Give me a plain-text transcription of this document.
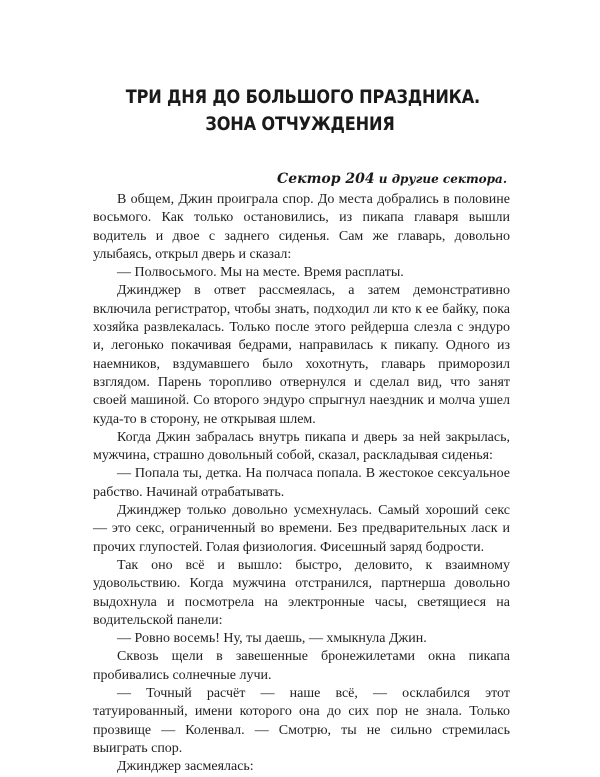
ТРИ ДНЯ ДО БОЛЬШОГО ПРАЗДНИКА.
ЗОНА ОТЧУЖДЕНИЯ
Сектор 204 и другие сектора.

В общем, Джин проиграла спор. До места добрались в половине восьмого. Как только остановились, из пикапа главаря вышли водитель и двое с заднего сиденья. Сам же главарь, довольно улыбаясь, открыл дверь и сказал:

— Полвосьмого. Мы на месте. Время расплаты.

Джинджер в ответ рассмеялась, а затем демонстративно включила регистратор, чтобы знать, подходил ли кто к ее байку, пока хозяйка развлекалась. Только после этого рейдерша слезла с эндуро и, легонько покачивая бедрами, направилась к пикапу. Одного из наемников, вздумавшего было хохотнуть, главарь приморозил взглядом. Парень торопливо отвернулся и сделал вид, что занят своей машиной. Со второго эндуро спрыгнул наездник и молча ушел куда-то в сторону, не открывая шлем.

Когда Джин забралась внутрь пикапа и дверь за ней закрылась, мужчина, страшно довольный собой, сказал, раскладывая сиденья:

— Попала ты, детка. На полчаса попала. В жестокое сексуальное рабство. Начинай отрабатывать.

Джинджер только довольно усмехнулась. Самый хороший секс — это секс, ограниченный во времени. Без предварительных ласк и прочих глупостей. Голая физиология. Фисешный заряд бодрости.

Так оно всё и вышло: быстро, деловито, к взаимному удовольствию. Когда мужчина отстранился, партнерша довольно выдохнула и посмотрела на электронные часы, светящиеся на водительской панели:

— Ровно восемь! Ну, ты даешь, — хмыкнула Джин.

Сквозь щели в завешенные бронежилетами окна пикапа пробивались солнечные лучи.

— Точный расчёт — наше всё, — осклабился этот татуированный, имени которого она до сих пор не знала. Только прозвище — Коленвал. — Смотрю, ты не сильно стремилась выиграть спор.

Джинджер засмеялась:
